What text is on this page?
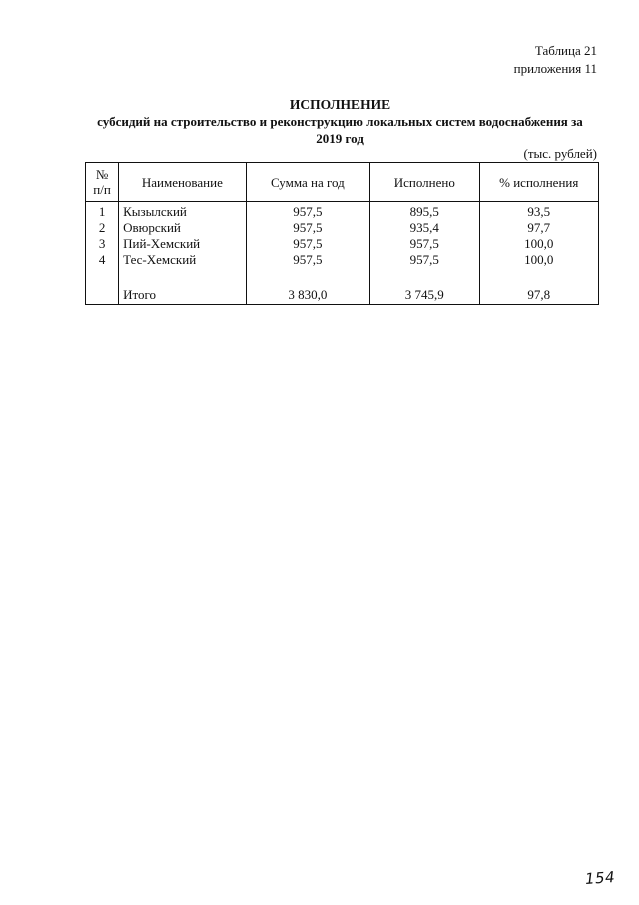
Таблица 21
приложения 11
ИСПОЛНЕНИЕ
субсидий на строительство и реконструкцию локальных систем водоснабжения за
2019 год
(тыс. рублей)
№ п/п	Наименование	Сумма на год	Исполнено	% исполнения
1	Кызылский	957,5	895,5	93,5
2	Овюрский	957,5	935,4	97,7
3	Пий-Хемский	957,5	957,5	100,0
4	Тес-Хемский	957,5	957,5	100,0

	Итого	3 830,0	3 745,9	97,8
154
